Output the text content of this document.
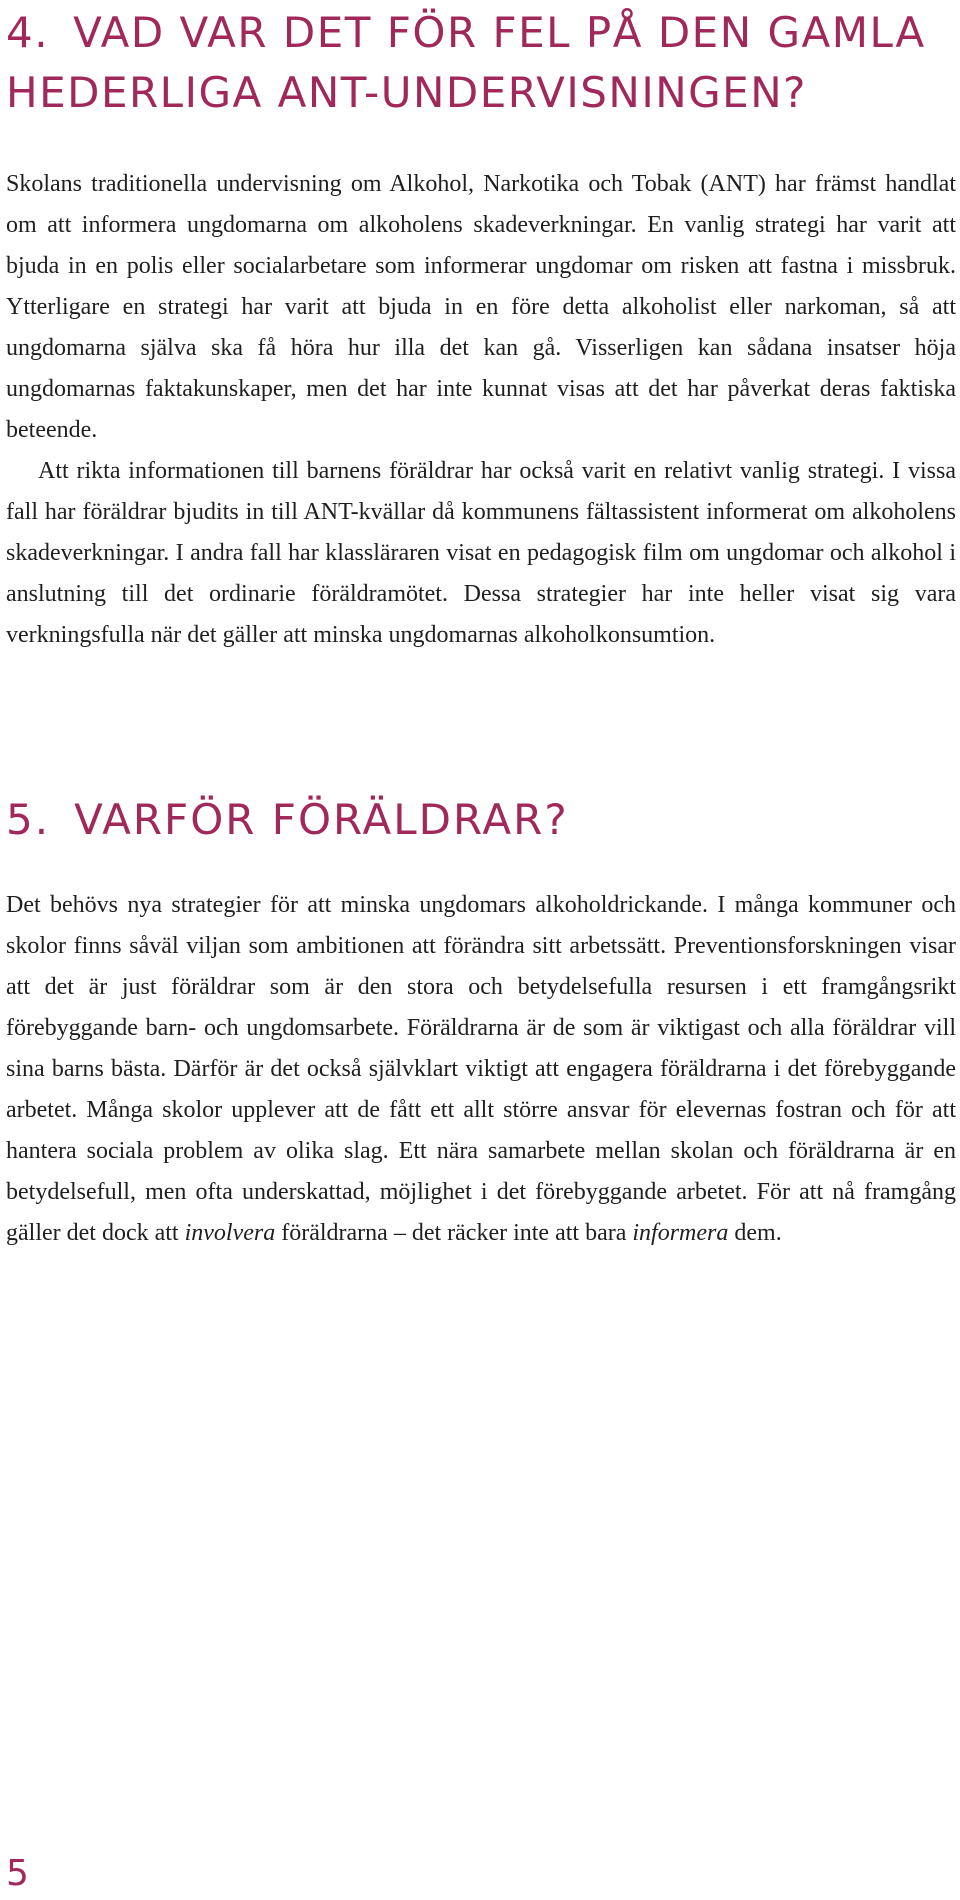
4. VAD VAR DET FÖR FEL PÅ DEN GAMLA HEDERLIGA ANT-UNDERVISNINGEN?

Skolans traditionella undervisning om Alkohol, Narkotika och Tobak (ANT) har främst handlat om att informera ungdomarna om alkoholens skadeverkningar. En vanlig strategi har varit att bjuda in en polis eller socialarbetare som informerar ungdomar om risken att fastna i missbruk. Ytterligare en strategi har varit att bjuda in en före detta alkoholist eller narkoman, så att ungdomarna själva ska få höra hur illa det kan gå. Visserligen kan sådana insatser höja ungdomarnas faktakunskaper, men det har inte kunnat visas att det har påverkat deras faktiska beteende.

Att rikta informationen till barnens föräldrar har också varit en relativt vanlig strategi. I vissa fall har föräldrar bjudits in till ANT-kvällar då kommunens fältassistent informerat om alkoholens skadeverkningar. I andra fall har klassläraren visat en pedagogisk film om ungdomar och alkohol i anslutning till det ordinarie föräldramötet. Dessa strategier har inte heller visat sig vara verkningsfulla när det gäller att minska ungdomarnas alkoholkonsumtion.

5. VARFÖR FÖRÄLDRAR?

Det behövs nya strategier för att minska ungdomars alkoholdrickande. I många kommuner och skolor finns såväl viljan som ambitionen att förändra sitt arbetssätt. Preventionsforskningen visar att det är just föräldrar som är den stora och betydelsefulla resursen i ett framgångsrikt förebyggande barn- och ungdomsarbete. Föräldrarna är de som är viktigast och alla föräldrar vill sina barns bästa. Därför är det också självklart viktigt att engagera föräldrarna i det förebyggande arbetet. Många skolor upplever att de fått ett allt större ansvar för elevernas fostran och för att hantera sociala problem av olika slag. Ett nära samarbete mellan skolan och föräldrarna är en betydelsefull, men ofta underskattad, möjlighet i det förebyggande arbetet. För att nå framgång gäller det dock att involvera föräldrarna – det räcker inte att bara informera dem.

5
